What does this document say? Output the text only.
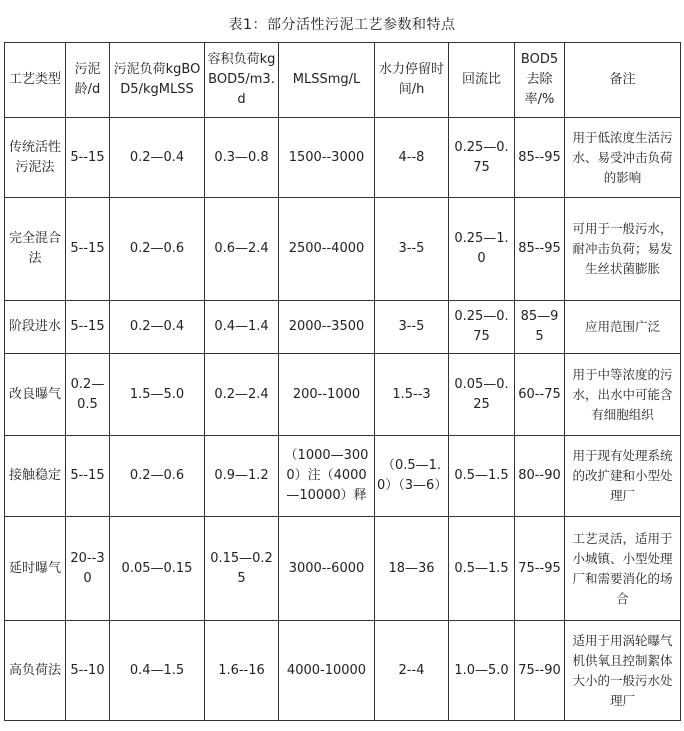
表1：部分活性污泥工艺参数和特点
工艺类型	污泥龄/d	污泥负荷kgBOD5/kgMLSS	容积负荷kgBOD5/m3.d	MLSSmg/L	水力停留时间/h	回流比	BOD5去除率/%	备注
传统活性污泥法	5--15	0.2—0.4	0.3—0.8	1500--3000	4--8	0.25—0.75	85--95	用于低浓度生活污水、易受冲击负荷的影响
完全混合法	5--15	0.2—0.6	0.6—2.4	2500--4000	3--5	0.25—1.0	85--95	可用于一般污水，耐冲击负荷；易发生丝状菌膨胀
阶段进水	5--15	0.2—0.4	0.4—1.4	2000--3500	3--5	0.25—0.75	85—95	应用范围广泛
改良曝气	0.2—0.5	1.5—5.0	0.2—2.4	200--1000	1.5--3	0.05—0.25	60--75	用于中等浓度的污水，出水中可能含有细胞组织
接触稳定	5--15	0.2—0.6	0.9—1.2	（1000—3000）注（4000—10000）释	（0.5—1.0）（3—6）	0.5—1.5	80--90	用于现有处理系统的改扩建和小型处理厂
延时曝气	20--30	0.05—0.15	0.15—0.25	3000--6000	18—36	0.5—1.5	75--95	工艺灵活，适用于小城镇、小型处理厂和需要消化的场合
高负荷法	5--10	0.4—1.5	1.6--16	4000-10000	2--4	1.0—5.0	75--90	适用于用涡轮曝气机供氧且控制絮体大小的一般污水处理厂
